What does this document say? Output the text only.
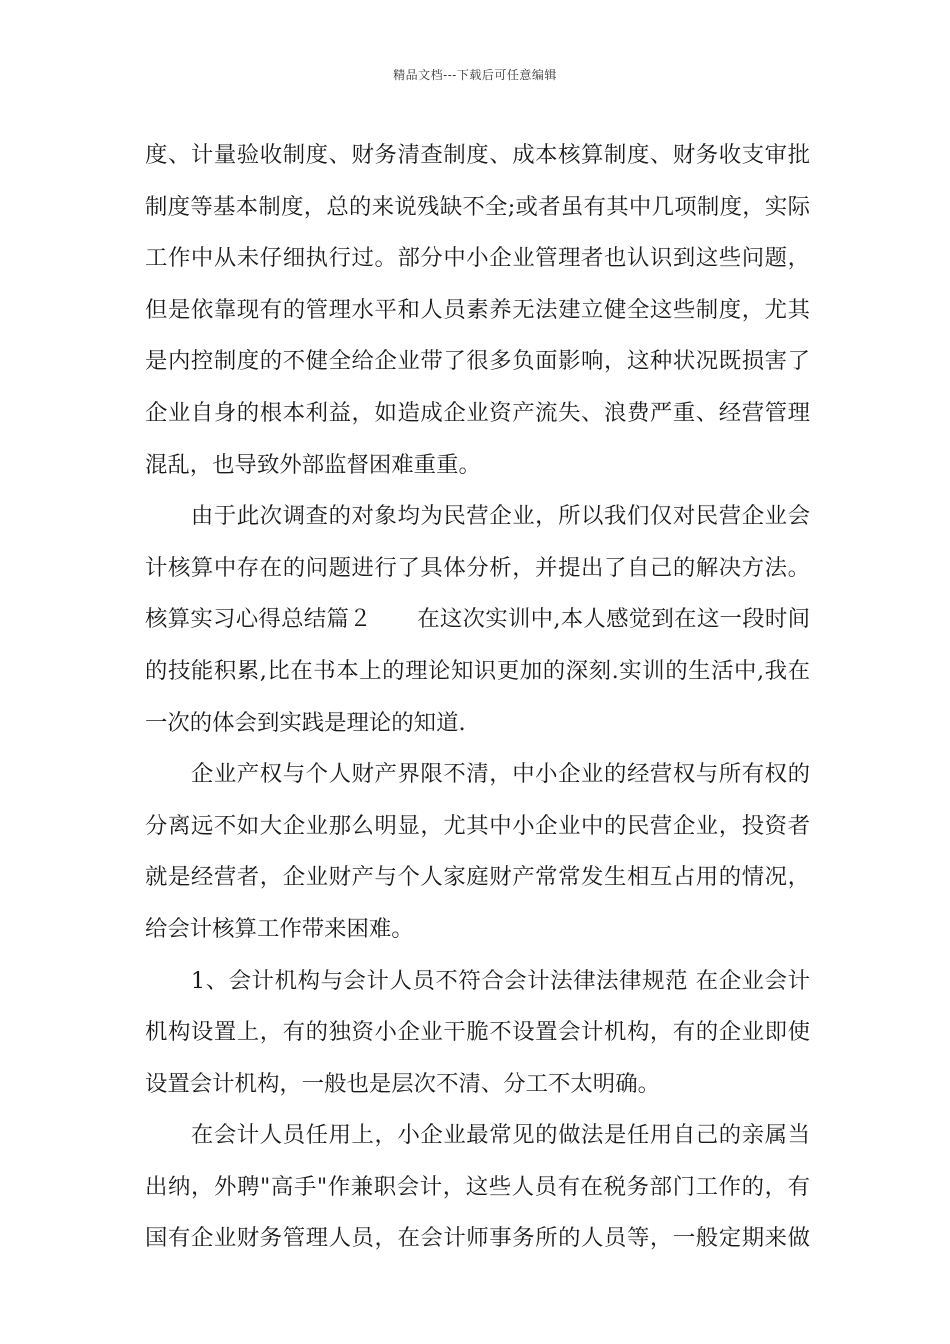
精品文档---下载后可任意编辑
度、计量验收制度、财务清查制度、成本核算制度、财务收支审批
制度等基本制度，总的来说残缺不全;或者虽有其中几项制度，实际
工作中从未仔细执行过。部分中小企业管理者也认识到这些问题，
但是依靠现有的管理水平和人员素养无法建立健全这些制度，尤其
是内控制度的不健全给企业带了很多负面影响，这种状况既损害了
企业自身的根本利益，如造成企业资产流失、浪费严重、经营管理
混乱，也导致外部监督困难重重。
　　由于此次调查的对象均为民营企业，所以我们仅对民营企业会
计核算中存在的问题进行了具体分析，并提出了自己的解决方法。
核算实习心得总结篇２　　在这次实训中,本人感觉到在这一段时间
的技能积累,比在书本上的理论知识更加的深刻.实训的生活中,我在
一次的体会到实践是理论的知道.
　　企业产权与个人财产界限不清，中小企业的经营权与所有权的
分离远不如大企业那么明显，尤其中小企业中的民营企业，投资者
就是经营者，企业财产与个人家庭财产常常发生相互占用的情况，
给会计核算工作带来困难。
　　1、会计机构与会计人员不符合会计法律法律规范 在企业会计
机构设置上，有的独资小企业干脆不设置会计机构，有的企业即使
设置会计机构，一般也是层次不清、分工不太明确。
　　在会计人员任用上，小企业最常见的做法是任用自己的亲属当
出纳，外聘"高手"作兼职会计，这些人员有在税务部门工作的，有
国有企业财务管理人员，在会计师事务所的人员等，一般定期来做
